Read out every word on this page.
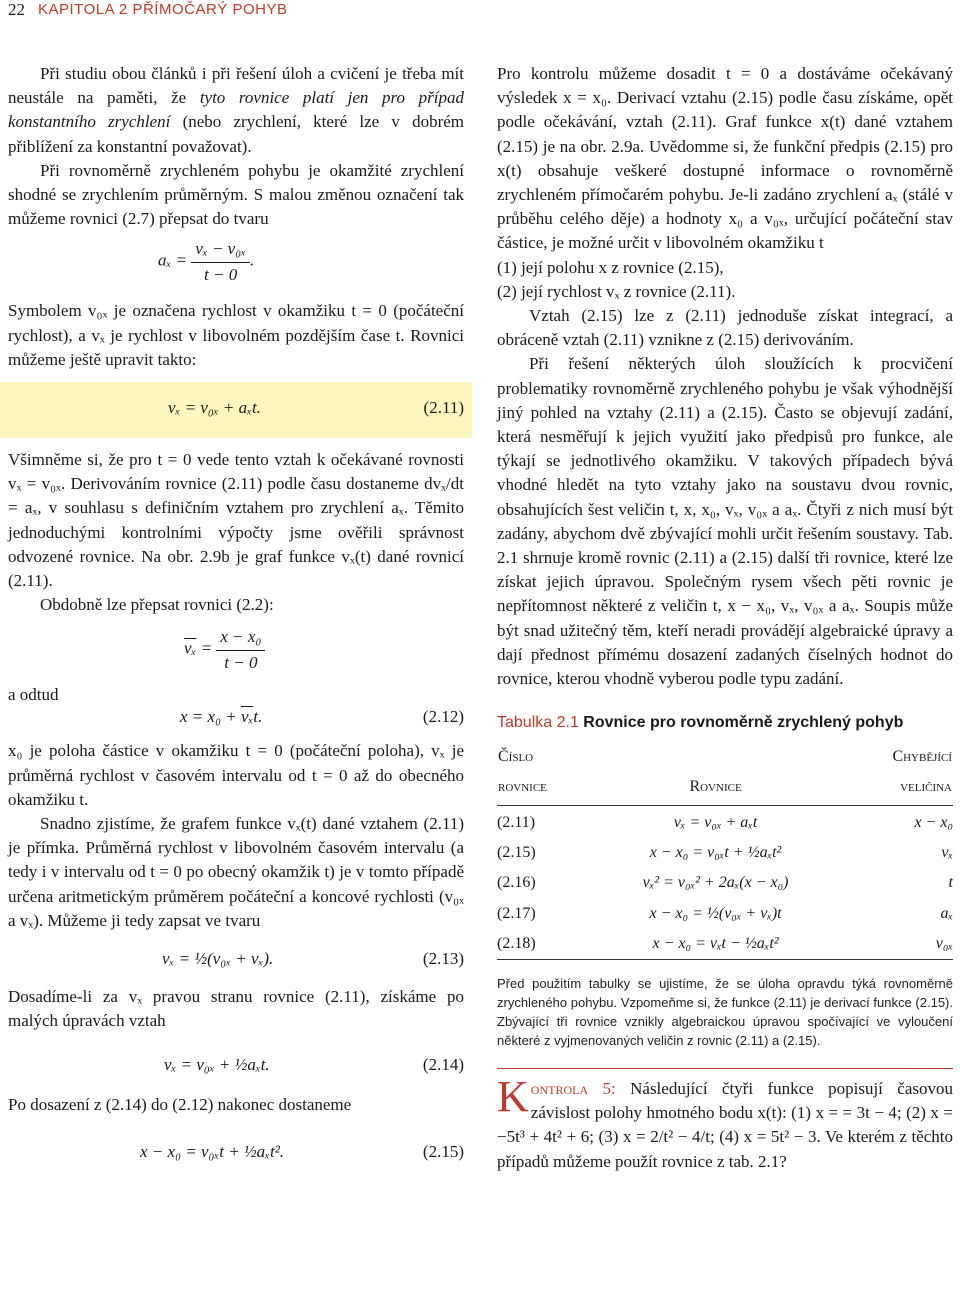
22 KAPITOLA 2 PŘÍMOČARÝ POHYB

Při studiu obou článků i při řešení úloh a cvičení je třeba mít neustále na paměti, že tyto rovnice platí jen pro případ konstantního zrychlení (nebo zrychlení, které lze v dobrém přiblížení za konstantní považovat).

Při rovnoměrně zrychleném pohybu je okamžité zrychlení shodné se zrychlením průměrným. S malou změnou označení tak můžeme rovnici (2.7) přepsat do tvaru

$a_x = \frac{\text{vₓ − v₀ₓ}}{t - 0}$ .

Symbolem v₀ₓ je označena rychlost v okamžiku t = 0 (počáteční rychlost), a vₓ je rychlost v libovolném pozdějším čase t. Rovnici můžeme ještě upravit takto:

vₓ = v₀ₓ + aₓt.	(2.11)

Všimněme si, že pro t = 0 vede tento vztah k očekávané rovnosti vₓ = v₀ₓ. Derivováním rovnice (2.11) podle času dostaneme dvₓ/dt = aₓ, v souhlasu s definičním vztahem pro zrychlení aₓ. Těmito jednoduchými kontrolními výpočty jsme ověřili správnost odvozené rovnice. Na obr. 2.9b je graf funkce vₓ(t) dané rovnicí (2.11).

Obdobně lze přepsat rovnici (2.2):

$\overline{v_x} = \frac{\text{x − x₀}}{t - 0}$
a odtud
$x = x_0 + \overline{v_x}t$.	(2.12)

x₀ je poloha částice v okamžiku t = 0 (počáteční poloha), vₓ je průměrná rychlost v časovém intervalu od t = 0 až do obecného okamžiku t.

Snadno zjistíme, že grafem funkce vₓ(t) dané vztahem (2.11) je přímka. Průměrná rychlost v libovolném časovém intervalu (a tedy i v intervalu od t = 0 po obecný okamžik t) je v tomto případě určena aritmetickým průměrem počáteční a koncové rychlosti (v₀ₓ a vₓ). Můžeme ji tedy zapsat ve tvaru

vₓ = ½(v₀ₓ + vₓ).	(2.13)

Dosadíme-li za vₓ pravou stranu rovnice (2.11), získáme po malých úpravách vztah

vₓ = v₀ₓ + ½aₓt.	(2.14)

Po dosazení z (2.14) do (2.12) nakonec dostaneme

x − x₀ = v₀ₓt + ½aₓt².	(2.15)

Pro kontrolu můžeme dosadit t = 0 a dostáváme očekávaný výsledek x = x₀. Derivací vztahu (2.15) podle času získáme, opět podle očekávání, vztah (2.11). Graf funkce x(t) dané vztahem (2.15) je na obr. 2.9a. Uvědomme si, že funkční předpis (2.15) pro x(t) obsahuje veškeré dostupné informace o rovnoměrně zrychleném přímočarém pohybu. Je-li zadáno zrychlení aₓ (stálé v průběhu celého děje) a hodnoty x₀ a v₀ₓ, určující počáteční stav částice, je možné určit v libovolném okamžiku t

(1) její polohu x z rovnice (2.15),

(2) její rychlost vₓ z rovnice (2.11).

Vztah (2.15) lze z (2.11) jednoduše získat integrací, a obráceně vztah (2.11) vznikne z (2.15) derivováním.

Při řešení některých úloh sloužících k procvičení problematiky rovnoměrně zrychleného pohybu je však výhodnější jiný pohled na vztahy (2.11) a (2.15). Často se objevují zadání, která nesměřují k jejich využití jako předpisů pro funkce, ale týkají se jednotlivého okamžiku. V takových případech bývá vhodné hledět na tyto vztahy jako na soustavu dvou rovnic, obsahujících šest veličin t, x, x₀, vₓ, v₀ₓ a aₓ. Čtyři z nich musí být zadány, abychom dvě zbývající mohli určit řešením soustavy. Tab. 2.1 shrnuje kromě rovnic (2.11) a (2.15) další tři rovnice, které lze získat jejich úpravou. Společným rysem všech pěti rovnic je nepřítomnost některé z veličin t, x − x₀, vₓ, v₀ₓ a aₓ. Soupis může být snad užitečný těm, kteří neradi provádějí algebraické úpravy a dají přednost přímému dosazení zadaných číselných hodnot do rovnice, kterou vhodně vyberou podle typu zadání.

Tabulka 2.1 Rovnice pro rovnoměrně zrychlený pohyb
Číslo		Chybějící
rovnice	Rovnice	veličina

(2.11)	vₓ = v₀ₓ + aₓt	x − x₀
(2.15)	x − x₀ = v₀ₓt + ½aₓt²	vₓ
(2.16)	vₓ² = v₀ₓ² + 2aₓ(x − x₀)	t
(2.17)	x − x₀ = ½(v₀ₓ + vₓ)t	aₓ
(2.18)	x − x₀ = vₓt − ½aₓt²	v₀ₓ

Před použitím tabulky se ujistíme, že se úloha opravdu týká rovnoměrně zrychleného pohybu. Vzpomeňme si, že funkce (2.11) je derivací funkce (2.15). Zbývající tři rovnice vznikly algebraickou úpravou spočívající ve vyloučení některé z vyjmenovaných veličin z rovnic (2.11) a (2.15).

K ontrola 5: Následující čtyři funkce popisují časovou závislost polohy hmotného bodu x(t): (1) x = = 3t − 4; (2) x = −5t³ + 4t² + 6; (3) x = 2/t² − 4/t; (4) x = 5t² − 3. Ve kterém z těchto případů můžeme použít rovnice z tab. 2.1?
